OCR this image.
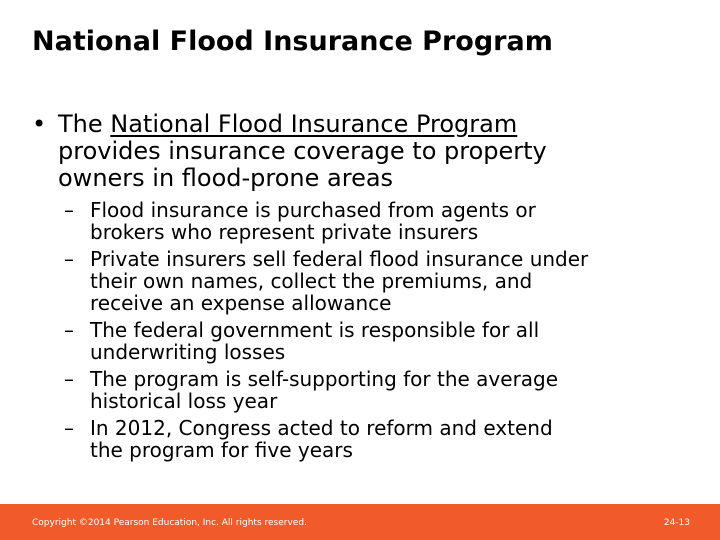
National Flood Insurance Program
• The National Flood Insurance Program
provides insurance coverage to property
owners in flood-prone areas
– Flood insurance is purchased from agents or
brokers who represent private insurers
– Private insurers sell federal flood insurance under
their own names, collect the premiums, and
receive an expense allowance
– The federal government is responsible for all
underwriting losses
– The program is self-supporting for the average
historical loss year
– In 2012, Congress acted to reform and extend
the program for five years
Copyright ©2014 Pearson Education, Inc. All rights reserved.	24-13
